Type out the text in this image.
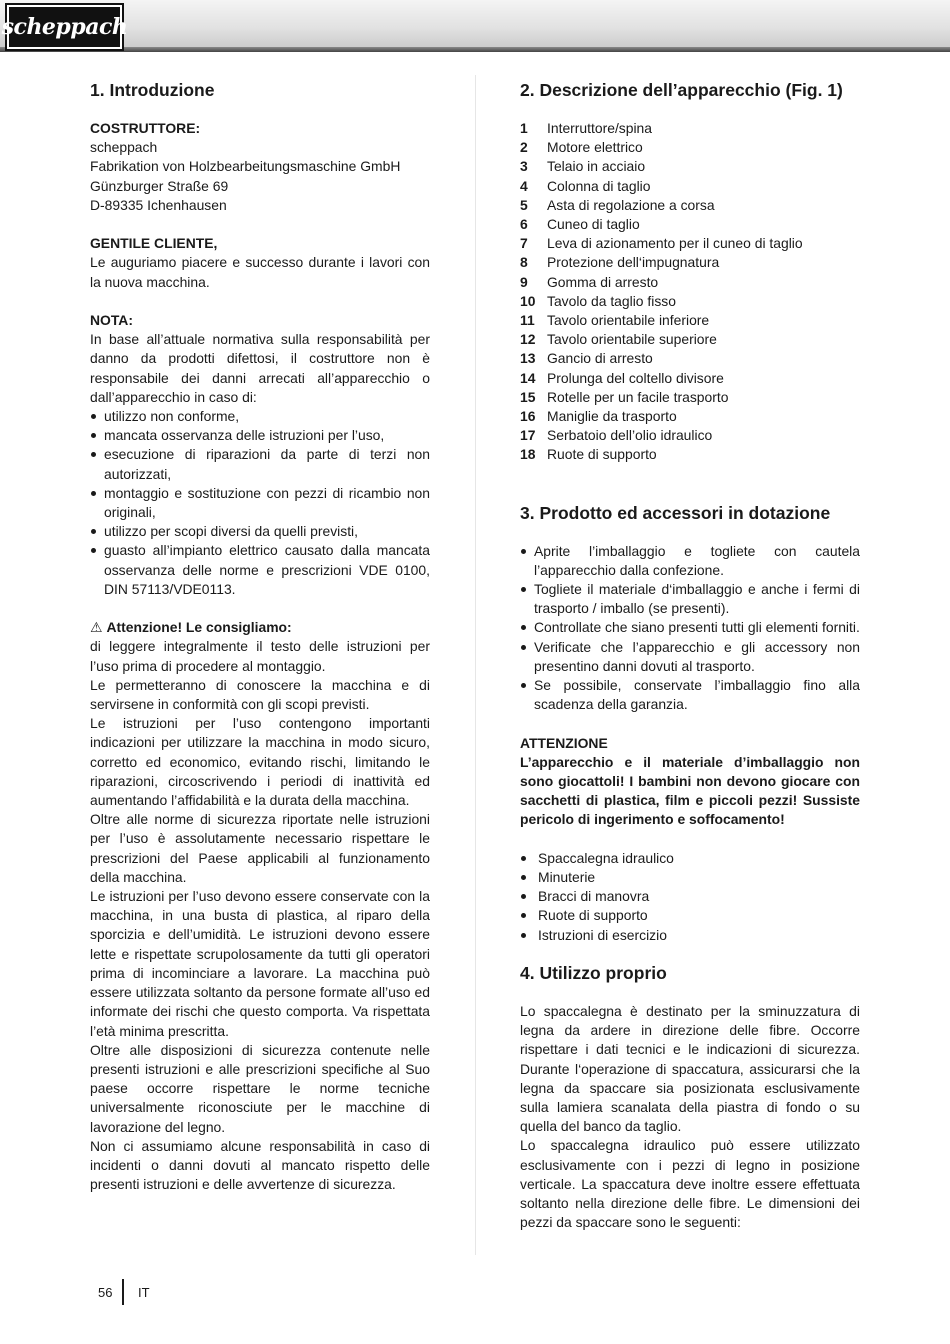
scheppach
1. Introduzione

COSTRUTTORE:

scheppach

Fabrikation von Holzbearbeitungsmaschine GmbH

Günzburger Straße 69

D-89335 Ichenhausen

GENTILE CLIENTE,

Le auguriamo piacere e successo durante i lavori con la nuova macchina.

NOTA:

In base all’attuale normativa sulla responsabilità per danno da prodotti difettosi, il costruttore non è responsabile dei danni arrecati all’apparecchio o dall’apparecchio in caso di:

utilizzo non conforme,
mancata osservanza delle istruzioni per l’uso,
esecuzione di riparazioni da parte di terzi non autorizzati,
montaggio e sostituzione con pezzi di ricambio non originali,
utilizzo per scopi diversi da quelli previsti,
guasto all’impianto elettrico causato dalla mancata osservanza delle norme e prescrizioni VDE 0100, DIN 57113/VDE0113.

⚠ Attenzione! Le consigliamo:

di leggere integralmente il testo delle istruzioni per l’uso prima di procedere al montaggio.

Le permetteranno di conoscere la macchina e di servirsene in conformità con gli scopi previsti.

Le istruzioni per l’uso contengono importanti indicazioni per utilizzare la macchina in modo sicuro, corretto ed economico, evitando rischi, limitando le riparazioni, circoscrivendo i periodi di inattività ed aumentando l’affidabilità e la durata della macchina.

Oltre alle norme di sicurezza riportate nelle istruzioni per l’uso è assolutamente necessario rispettare le prescrizioni del Paese applicabili al funzionamento della macchina.

Le istruzioni per l’uso devono essere conservate con la macchina, in una busta di plastica, al riparo della sporcizia e dell’umidità. Le istruzioni devono essere lette e rispettate scrupolosamente da tutti gli operatori prima di incominciare a lavorare. La macchina può essere utilizzata soltanto da persone formate all’uso ed informate dei rischi che questo comporta. Va rispettata l’età minima prescritta.

Oltre alle disposizioni di sicurezza contenute nelle presenti istruzioni e alle prescrizioni specifiche al Suo paese occorre rispettare le norme tecniche universalmente riconosciute per le macchine di lavorazione del legno.

Non ci assumiamo alcune responsabilità in caso di incidenti o danni dovuti al mancato rispetto delle presenti istruzioni e delle avvertenze di sicurezza.

2. Descrizione dell’apparecchio (Fig. 1)
1	Interruttore/spina
2	Motore elettrico
3	Telaio in acciaio
4	Colonna di taglio
5	Asta di regolazione a corsa
6	Cuneo di taglio
7	Leva di azionamento per il cuneo di taglio
8	Protezione dell‘impugnatura
9	Gomma di arresto
10 Tavolo da taglio fisso
11 Tavolo orientabile inferiore
12 Tavolo orientabile superiore
13 Gancio di arresto
14 Prolunga del coltello divisore
15 Rotelle per un facile trasporto
16 Maniglie da trasporto
17 Serbatoio dell’olio idraulico
18 Ruote di supporto
3. Prodotto ed accessori in dotazione
Aprite l’imballaggio e togliete con cautela l’apparecchio dalla confezione.
Togliete il materiale d‘imballaggio e anche i fermi di trasporto / imballo (se presenti).
Controllate che siano presenti tutti gli elementi forniti.
Verificate che l’apparecchio e gli accessory non presentino danni dovuti al trasporto.
Se possibile, conservate l’imballaggio fino alla scadenza della garanzia.

ATTENZIONE

L’apparecchio e il materiale d’imballaggio non sono giocattoli! I bambini non devono giocare con sacchetti di plastica, film e piccoli pezzi! Sussiste pericolo di ingerimento e soffocamento!

Spaccalegna idraulico
Minuterie
Bracci di manovra
Ruote di supporto
Istruzioni di esercizio
4. Utilizzo proprio

Lo spaccalegna è destinato per la sminuzzatura di legna da ardere in direzione delle fibre. Occorre rispettare i dati tecnici e le indicazioni di sicurezza. Durante l‘operazione di spaccatura, assicurarsi che la legna da spaccare sia posizionata esclusivamente sulla lamiera scanalata della piastra di fondo o su quella del banco da taglio.

Lo spaccalegna idraulico può essere utilizzato esclusivamente con i pezzi di legno in posizione verticale. La spaccatura deve inoltre essere effettuata soltanto nella direzione delle fibre. Le dimensioni dei pezzi da spaccare sono le seguenti:

56 IT
